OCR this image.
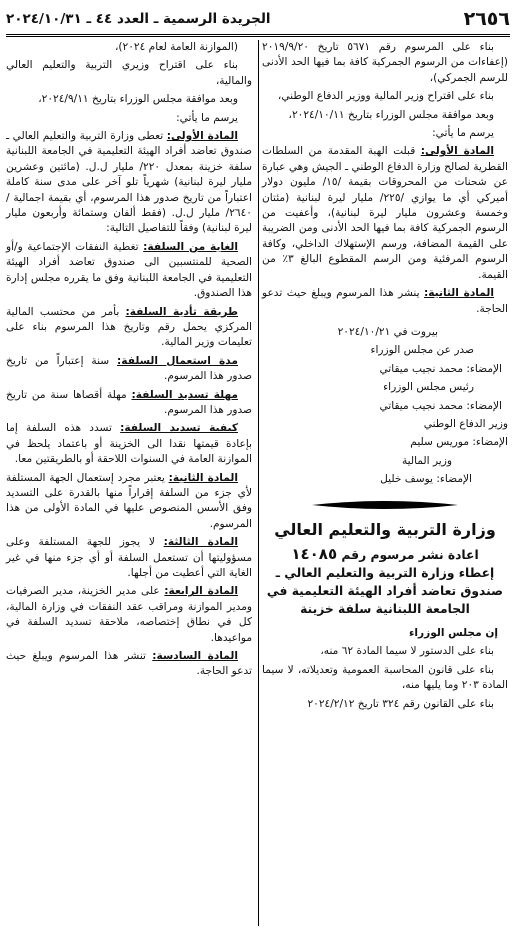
٢٦٥٦
الجريدة الرسمية ـ العدد ٤٤ ـ ٢٠٢٤/١٠/٣١

بناء على المرسوم رقم ٥٦٧١ تاريخ ٢٠١٩/٩/٢٠ (إعفاءات من الرسوم الجمركية كافة بما فيها الحد الأدنى للرسم الجمركي)،

بناء على اقتراح وزير المالية ووزير الدفاع الوطني،

وبعد موافقة مجلس الوزراء بتاريخ ٢٠٢٤/١٠/١١،

يرسم ما يأتي:

المادة الأولى: قبلت الهبة المقدمة من السلطات القطرية لصالح وزارة الدفاع الوطني ـ الجيش وهي عبارة عن شحنات من المحروقات بقيمة /١٥/ مليون دولار أميركي أي ما يوازي /٢٢٥/ مليار ليرة لبنانية (مئتان وخمسة وعشرون مليار ليرة لبنانية)، وأعفيت من الرسوم الجمركية كافة بما فيها الحد الأدنى ومن الضريبة على القيمة المضافة، ورسم الإستهلاك الداخلي، وكافة الرسوم المرفئية ومن الرسم المقطوع البالغ ٣٪ من القيمة.

المادة الثانية: ينشر هذا المرسوم ويبلغ حيث تدعو الحاجة.

بيروت في ٢٠٢٤/١٠/٢١

صدر عن مجلس الوزراء

الإمضاء: محمد نجيب ميقاتي

رئيس مجلس الوزراء

الإمضاء: محمد نجيب ميقاتي

وزير الدفاع الوطني

الإمضاء: موريس سليم

وزير المالية

الإمضاء: يوسف خليل

وزارة التربية والتعليم العالي
اعادة نشر مرسوم رقم ١٤٠٨٥
إعطاء وزارة التربية والتعليم العالي ـ صندوق تعاضد أفراد الهيئة التعليمية في الجامعة اللبنانية سلفة خزينة

إن مجلس الوزراء

بناء على الدستور لا سيما المادة ٦٢ منه،

بناء على قانون المحاسبة العمومية وتعديلاته، لا سيما المادة ٢٠٣ وما يليها منه،

بناء على القانون رقم ٣٢٤ تاريخ ٢٠٢٤/٢/١٢

(الموازنة العامة لعام ٢٠٢٤)،

بناء على اقتراح وزيري التربية والتعليم العالي والمالية،

وبعد موافقة مجلس الوزراء بتاريخ ٢٠٢٤/٩/١١،

يرسم ما يأتي:

المادة الأولى: تعطى وزارة التربية والتعليم العالي ـ صندوق تعاضد أفراد الهيئة التعليمية في الجامعة اللبنانية سلفة خزينة بمعدل ٢٢٠/ مليار ل.ل. (مائتين وعشرين مليار ليرة لبنانية) شهرياً تلو آخر على مدى سنة كاملة اعتباراً من تاريخ صدور هذا المرسوم، أي بقيمة اجمالية /٢٦٤٠/ مليار ل.ل. (فقط ألفان وستمائة وأربعون مليار ليرة لبنانية) وفقاً للتفاصيل التالية:

الغاية من السلفة: تغطية النفقات الإجتماعية و/أو الصحية للمنتسبين الى صندوق تعاضد أفراد الهيئة التعليمية في الجامعة اللبنانية وفق ما يقرره مجلس إدارة هذا الصندوق.

طريقة تأدية السلفة: بأمر من محتسب المالية المركزي يحمل رقم وتاريخ هذا المرسوم بناء على تعليمات وزير المالية.

مدة استعمال السلفة: سنة إعتباراً من تاريخ صدور هذا المرسوم.

مهلة تسديد السلفة: مهلة أقصاها سنة من تاريخ صدور هذا المرسوم.

كيفية تسديد السلفة: تسدد هذه السلفة إما بإعادة قيمتها نقدا الى الخزينة أو باعتماد يلحظ في الموازنة العامة في السنوات اللاحقة أو بالطريقتين معا.

المادة الثانية: يعتبر مجرد إستعمال الجهة المستلفة لأي جزء من السلفة إقراراً منها بالقدرة على التسديد وفق الأسس المنصوص عليها في المادة الأولى من هذا المرسوم.

المادة الثالثة: لا يجوز للجهة المستلفة وعلى مسؤوليتها أن تستعمل السلفة أو أي جزء منها في غير الغاية التي أعطيت من أجلها.

المادة الرابعة: على مدير الخزينة، مدير الصرفيات ومدير الموازنة ومراقب عقد النفقات في وزارة المالية، كل في نطاق إختصاصه، ملاحقة تسديد السلفة في مواعيدها.

المادة السادسة: تنشر هذا المرسوم ويبلغ حيث تدعو الحاجة.
